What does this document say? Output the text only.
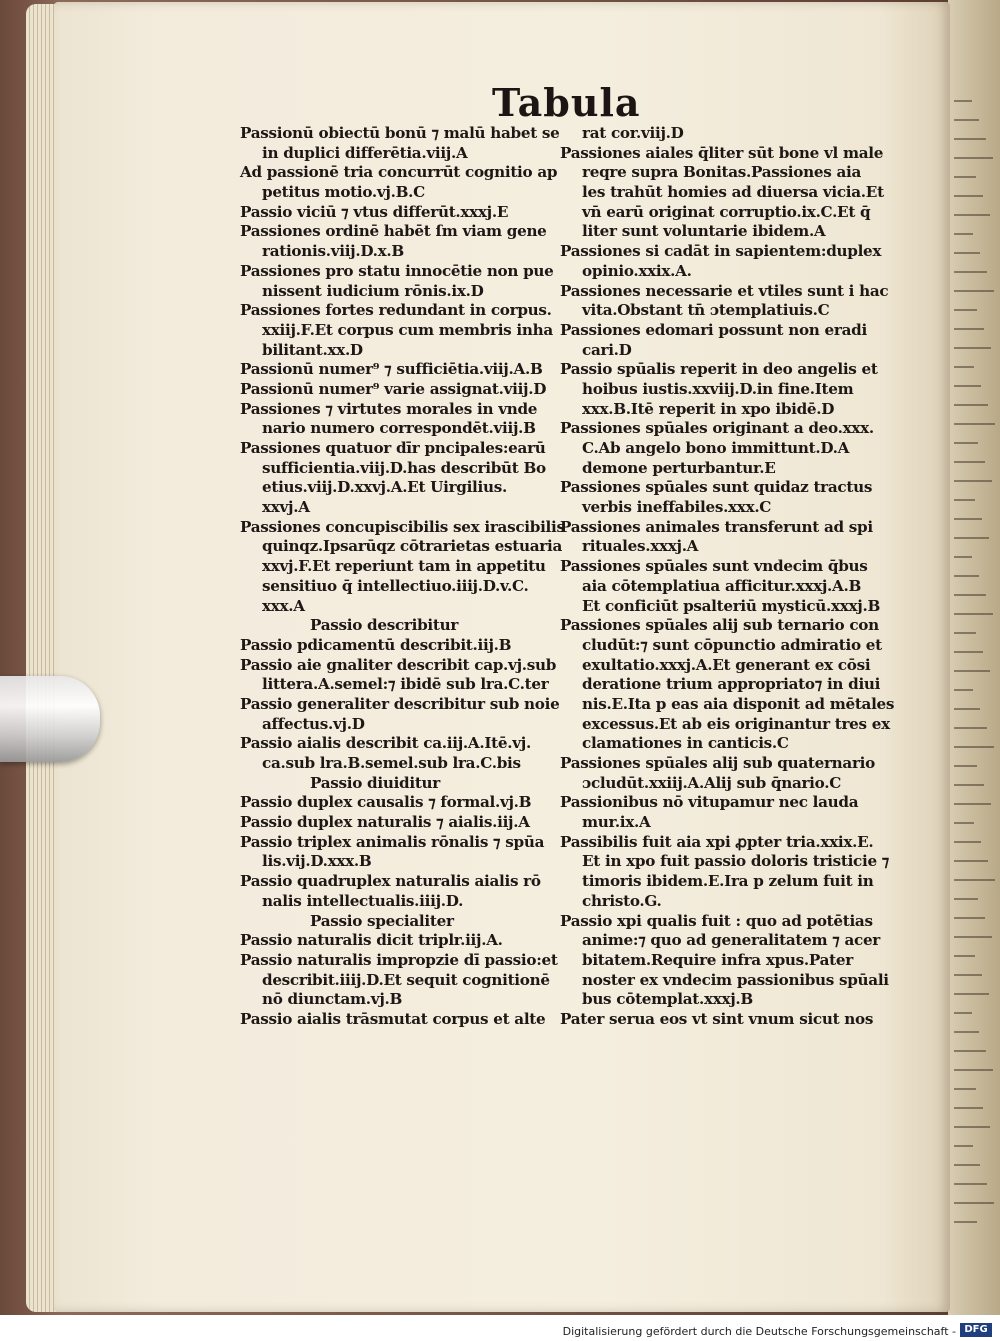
Tabula
Passionū obiectū bonū ⁊ malū habet se
in duplici differētia.viij.A
Ad passionē tria concurrūt cognitio ap
petitus motio.vj.B.C
Passio viciū ⁊ vtus differūt.xxxj.E
Passiones ordinē habēt ſm viam gene
rationis.viij.D.x.B
Passiones pro statu innocētie non pue
nissent iudicium rōnis.ix.D
Passiones fortes redundant in corpus.
xxiij.F.Et corpus cum membris inha
bilitant.xx.D
Passionū numer⁹ ⁊ sufficiētia.viij.A.B
Passionū numer⁹ varie assignat.viij.D
Passiones ⁊ virtutes morales in vnde
nario numero correspondēt.viij.B
Passiones quatuor dīr pncipales:earū
sufficientia.viij.D.has describūt Bo
etius.viij.D.xxvj.A.Et Uirgilius.
xxvj.A
Passiones concupiscibilis sex irascibilis
quinqz.Ipsarūqz cōtrarietas estuaria
xxvj.F.Et reperiunt tam in appetitu
sensitiuo q̄ intellectiuo.iiij.D.v.C.
xxx.A
Passio describitur
Passio pdicamentū describit.iij.B
Passio aie gnaliter describit cap.vj.sub
littera.A.semel:⁊ ibidē sub lra.C.ter
Passio generaliter describitur sub noie
affectus.vj.D
Passio aialis describit ca.iij.A.Itē.vj.
ca.sub lra.B.semel.sub lra.C.bis
Passio diuiditur
Passio duplex causalis ⁊ formal.vj.B
Passio duplex naturalis ⁊ aialis.iij.A
Passio triplex animalis rōnalis ⁊ spūa
lis.vij.D.xxx.B
Passio quadruplex naturalis aialis rō
nalis intellectualis.iiij.D.
Passio specialiter
Passio naturalis dicit triplr.iij.A.
Passio naturalis impropzie dī passio:et
describit.iiij.D.Et sequit cognitionē
nō diunctam.vj.B
Passio aialis trāsmutat corpus et alte
rat cor.viij.D
Passiones aiales q̄liter sūt bone vl male
reqre supra Bonitas.Passiones aia
les trahūt homies ad diuersa vicia.Et
vn̄ earū originat corruptio.ix.C.Et q̄
liter sunt voluntarie ibidem.A
Passiones si cadāt in sapientem:duplex
opinio.xxix.A.
Passiones necessarie et vtiles sunt i hac
vita.Obstant tn̄ ɔtemplatiuis.C
Passiones edomari possunt non eradi
cari.D
Passio spūalis reperit in deo angelis et
hoibus iustis.xxviij.D.in fine.Item
xxx.B.Itē reperit in xpo ibidē.D
Passiones spūales originant a deo.xxx.
C.Ab angelo bono immittunt.D.A
demone perturbantur.E
Passiones spūales sunt quidaz tractus
verbis ineffabiles.xxx.C
Passiones animales transferunt ad spi
rituales.xxxj.A
Passiones spūales sunt vndecim q̄bus
aia cōtemplatiua afficitur.xxxj.A.B
Et conficiūt psalteriū mysticū.xxxj.B
Passiones spūales alij sub ternario con
cludūt:⁊ sunt cōpunctio admiratio et
exultatio.xxxj.A.Et generant ex cōsi
deratione trium appropriato⁊ in diui
nis.E.Ita p eas aia disponit ad mētales
excessus.Et ab eis originantur tres ex
clamationes in canticis.C
Passiones spūales alij sub quaternario
ɔcludūt.xxiij.A.Alij sub q̄nario.C
Passionibus nō vitupamur nec lauda
mur.ix.A
Passibilis fuit aia xpi ꝓpter tria.xxix.E.
Et in xpo fuit passio doloris tristicie ⁊
timoris ibidem.E.Ira p zelum fuit in
christo.G.
Passio xpi qualis fuit : quo ad potētias
anime:⁊ quo ad generalitatem ⁊ acer
bitatem.Require infra xpus.Pater
noster ex vndecim passionibus spūali
bus cōtemplat.xxxj.B
Pater serua eos vt sint vnum sicut nos
Digitalisierung gefördert durch die Deutsche Forschungsgemeinschaft - DFG
